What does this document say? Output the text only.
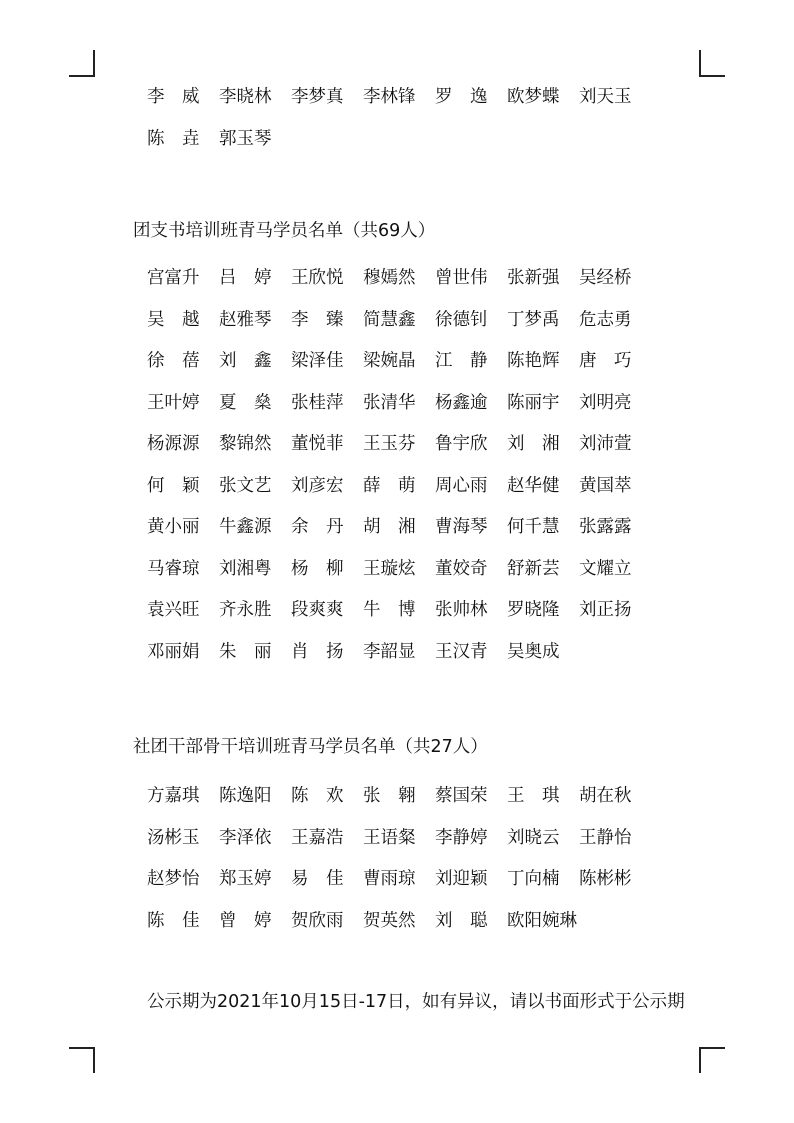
李　威 李晓林 李梦真 李林锋 罗　逸 欧梦蝶 刘天玉
陈　垚 郭玉琴
团支书培训班青马学员名单（共69人）
宫富升 吕　婷 王欣悦 穆嫣然 曾世伟 张新强 吴经桥
吴　越 赵雅琴 李　臻 简慧鑫 徐德钊 丁梦禹 危志勇
徐　蓓 刘　鑫 梁泽佳 梁婉晶 江　静 陈艳辉 唐　巧
王叶婷 夏　燊 张桂萍 张清华 杨鑫逾 陈丽宇 刘明亮
杨源源 黎锦然 董悦菲 王玉芬 鲁宇欣 刘　湘 刘沛萱
何　颖 张文艺 刘彦宏 薛　萌 周心雨 赵华健 黄国萃
黄小丽 牛鑫源 余　丹 胡　湘 曹海琴 何千慧 张露露
马睿琼 刘湘粤 杨　柳 王璇炫 董姣奇 舒新芸 文耀立
袁兴旺 齐永胜 段爽爽 牛　博 张帅林 罗晓隆 刘正扬
邓丽娟 朱　丽 肖　扬 李韶显 王汉青 吴奥成
社团干部骨干培训班青马学员名单（共27人）
方嘉琪 陈逸阳 陈　欢 张　翱 蔡国荣 王　琪 胡在秋
汤彬玉 李泽依 王嘉浩 王语粲 李静婷 刘晓云 王静怡
赵梦怡 郑玉婷 易　佳 曹雨琼 刘迎颖 丁向楠 陈彬彬
陈　佳 曾　婷 贺欣雨 贺英然 刘　聪 欧阳婉琳
公示期为2021年10月15日-17日，如有异议，请以书面形式于公示期
